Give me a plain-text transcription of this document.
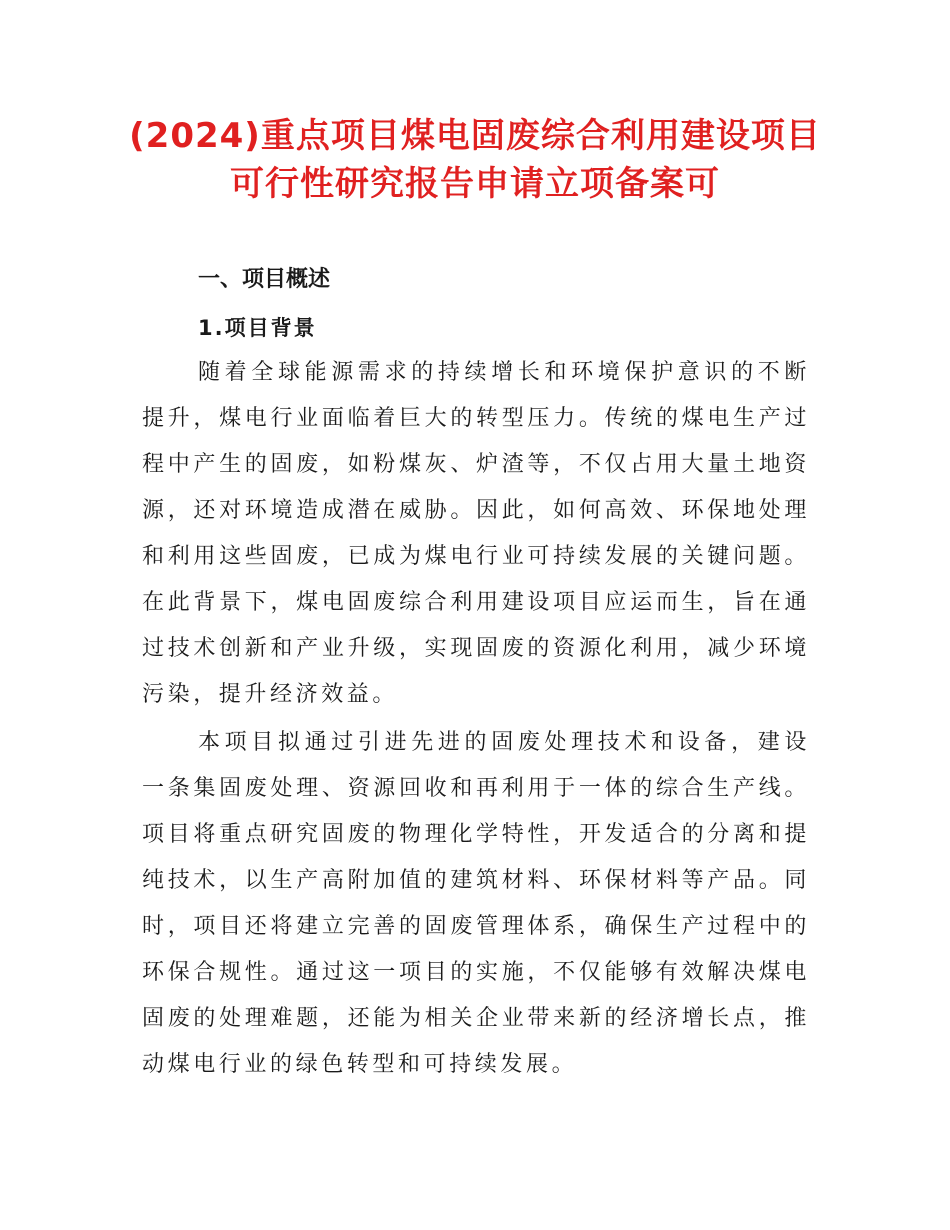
(2024)重点项目煤电固废综合利用建设项目
可行性研究报告申请立项备案可
一、项目概述
1.项目背景

随着全球能源需求的持续增长和环境保护意识的不断提升，煤电行业面临着巨大的转型压力。传统的煤电生产过程中产生的固废，如粉煤灰、炉渣等，不仅占用大量土地资源，还对环境造成潜在威胁。因此，如何高效、环保地处理和利用这些固废，已成为煤电行业可持续发展的关键问题。在此背景下，煤电固废综合利用建设项目应运而生，旨在通过技术创新和产业升级，实现固废的资源化利用，减少环境污染，提升经济效益。

本项目拟通过引进先进的固废处理技术和设备，建设一条集固废处理、资源回收和再利用于一体的综合生产线。项目将重点研究固废的物理化学特性，开发适合的分离和提纯技术，以生产高附加值的建筑材料、环保材料等产品。同时，项目还将建立完善的固废管理体系，确保生产过程中的环保合规性。通过这一项目的实施，不仅能够有效解决煤电固废的处理难题，还能为相关企业带来新的经济增长点，推动煤电行业的绿色转型和可持续发展。
